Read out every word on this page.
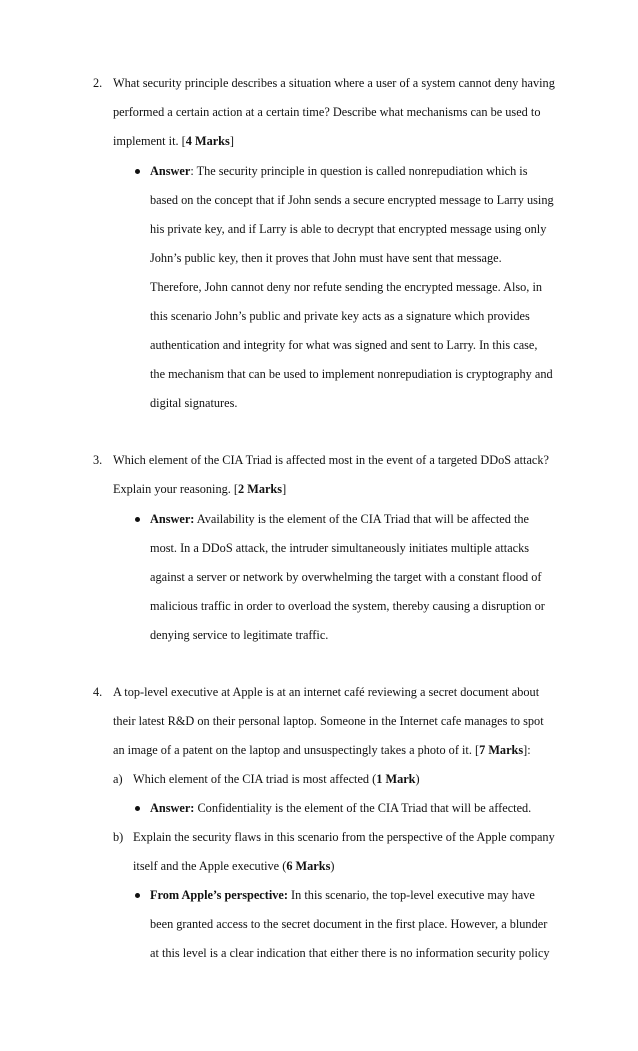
2. What security principle describes a situation where a user of a system cannot deny having

performed a certain action at a certain time? Describe what mechanisms can be used to

implement it. [4 Marks]

Answer: The security principle in question is called nonrepudiation which is

based on the concept that if John sends a secure encrypted message to Larry using

his private key, and if Larry is able to decrypt that encrypted message using only

John’s public key, then it proves that John must have sent that message.

Therefore, John cannot deny nor refute sending the encrypted message. Also, in

this scenario John’s public and private key acts as a signature which provides

authentication and integrity for what was signed and sent to Larry. In this case,

the mechanism that can be used to implement nonrepudiation is cryptography and

digital signatures.

3. Which element of the CIA Triad is affected most in the event of a targeted DDoS attack?

Explain your reasoning. [2 Marks]

Answer: Availability is the element of the CIA Triad that will be affected the

most. In a DDoS attack, the intruder simultaneously initiates multiple attacks

against a server or network by overwhelming the target with a constant flood of

malicious traffic in order to overload the system, thereby causing a disruption or

denying service to legitimate traffic.

4. A top-level executive at Apple is at an internet café reviewing a secret document about

their latest R&D on their personal laptop. Someone in the Internet cafe manages to spot

an image of a patent on the laptop and unsuspectingly takes a photo of it. [7 Marks]:

a) Which element of the CIA triad is most affected (1 Mark)

Answer: Confidentiality is the element of the CIA Triad that will be affected.

b) Explain the security flaws in this scenario from the perspective of the Apple company

itself and the Apple executive (6 Marks)

From Apple’s perspective: In this scenario, the top-level executive may have

been granted access to the secret document in the first place. However, a blunder

at this level is a clear indication that either there is no information security policy
